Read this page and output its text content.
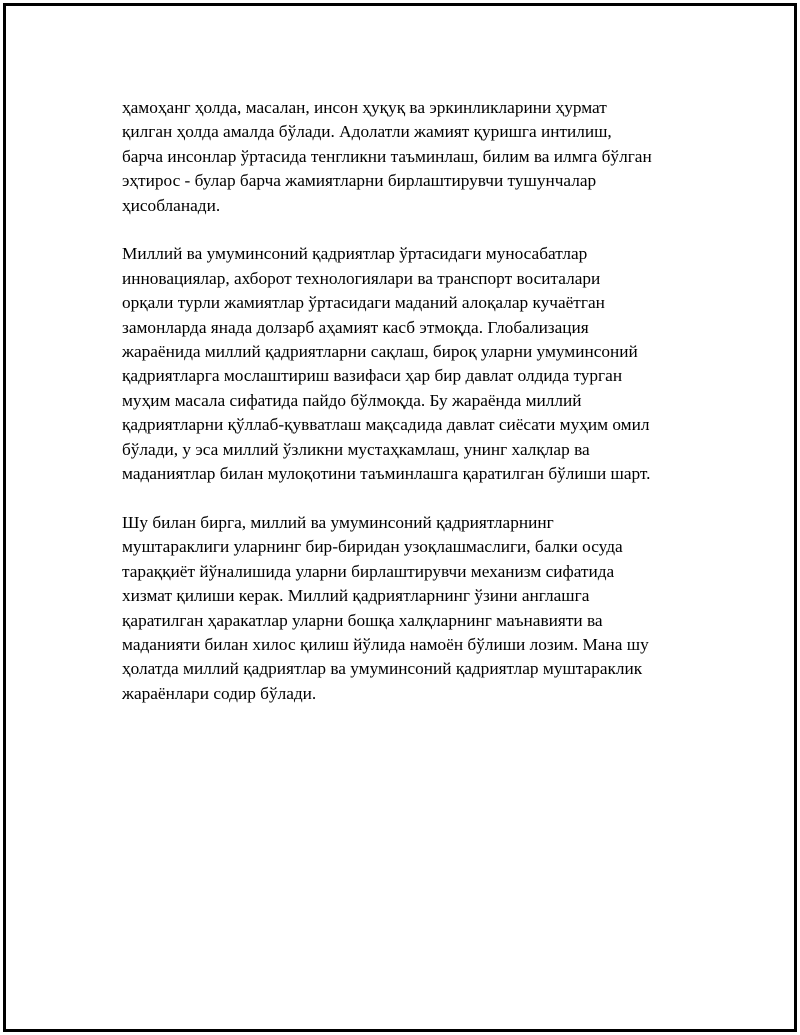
ҳамоҳанг ҳолда, масалан, инсон ҳуқуқ ва эркинликларини ҳурмат
қилган ҳолда амалда бўлади. Адолатли жамият қуришга интилиш,
барча инсонлар ўртасида тенгликни таъминлаш, билим ва илмга бўлган
эҳтирос - булар барча жамиятларни бирлаштирувчи тушунчалар
ҳисобланади.

Миллий ва умуминсоний қадриятлар ўртасидаги муносабатлар
инновациялар, ахборот технологиялари ва транспорт воситалари
орқали турли жамиятлар ўртасидаги маданий алоқалар кучаётган
замонларда янада долзарб аҳамият касб этмоқда. Глобализация
жараёнида миллий қадриятларни сақлаш, бироқ уларни умуминсоний
қадриятларга мослаштириш вазифаси ҳар бир давлат олдида турган
муҳим масала сифатида пайдо бўлмоқда. Бу жараёнда миллий
қадриятларни қўллаб-қувватлаш мақсадида давлат сиёсати муҳим омил
бўлади, у эса миллий ўзликни мустаҳкамлаш, унинг халқлар ва
маданиятлар билан мулоқотини таъминлашга қаратилган бўлиши шарт.

Шу билан бирга, миллий ва умуминсоний қадриятларнинг
муштараклиги уларнинг бир-биридан узоқлашмаслиги, балки осуда
тараққиёт йўналишида уларни бирлаштирувчи механизм сифатида
хизмат қилиши керак. Миллий қадриятларнинг ўзини англашга
қаратилган ҳаракатлар уларни бошқа халқларнинг маънавияти ва
маданияти билан хилос қилиш йўлида намоён бўлиши лозим. Мана шу
ҳолатда миллий қадриятлар ва умуминсоний қадриятлар муштараклик
жараёнлари содир бўлади.
